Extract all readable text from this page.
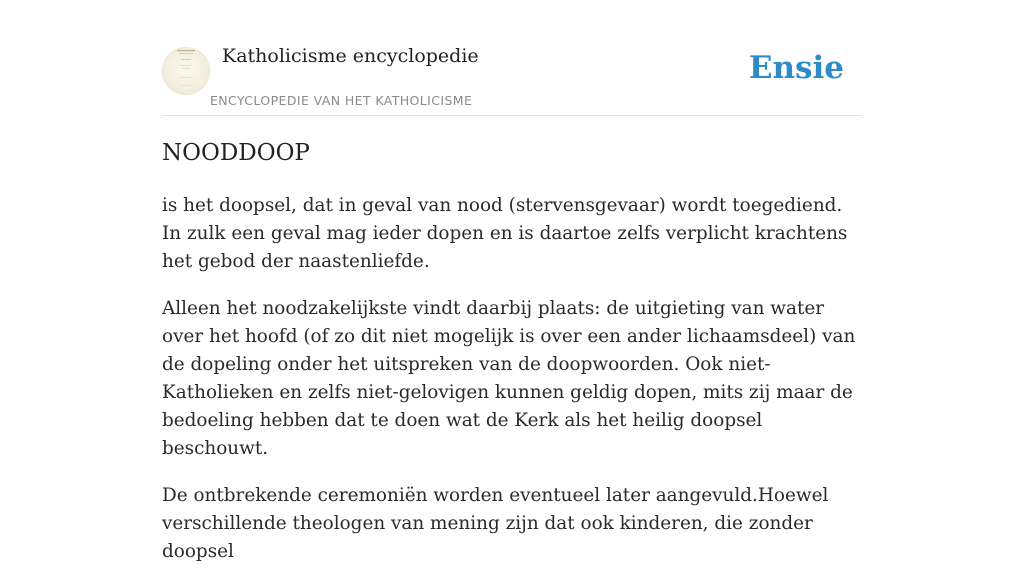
Katholicisme encyclopedie
ENCYCLOPEDIE VAN HET KATHOLICISME
Ensie
NOODDOOP

is het doopsel, dat in geval van nood (stervensgevaar) wordt toegediend. In zulk een geval mag ieder dopen en is daartoe zelfs verplicht krachtens het gebod der naastenliefde.

Alleen het noodzakelijkste vindt daarbij plaats: de uitgieting van water over het hoofd (of zo dit niet mogelijk is over een ander lichaamsdeel) van de dopeling onder het uitspreken van de doopwoorden. Ook niet-Katholieken en zelfs niet-gelovigen kunnen geldig dopen, mits zij maar de bedoeling hebben dat te doen wat de Kerk als het heilig doopsel beschouwt.

De ontbrekende ceremoniën worden eventueel later aangevuld.Hoewel verschillende theologen van mening zijn dat ook kinderen, die zonder doopsel
